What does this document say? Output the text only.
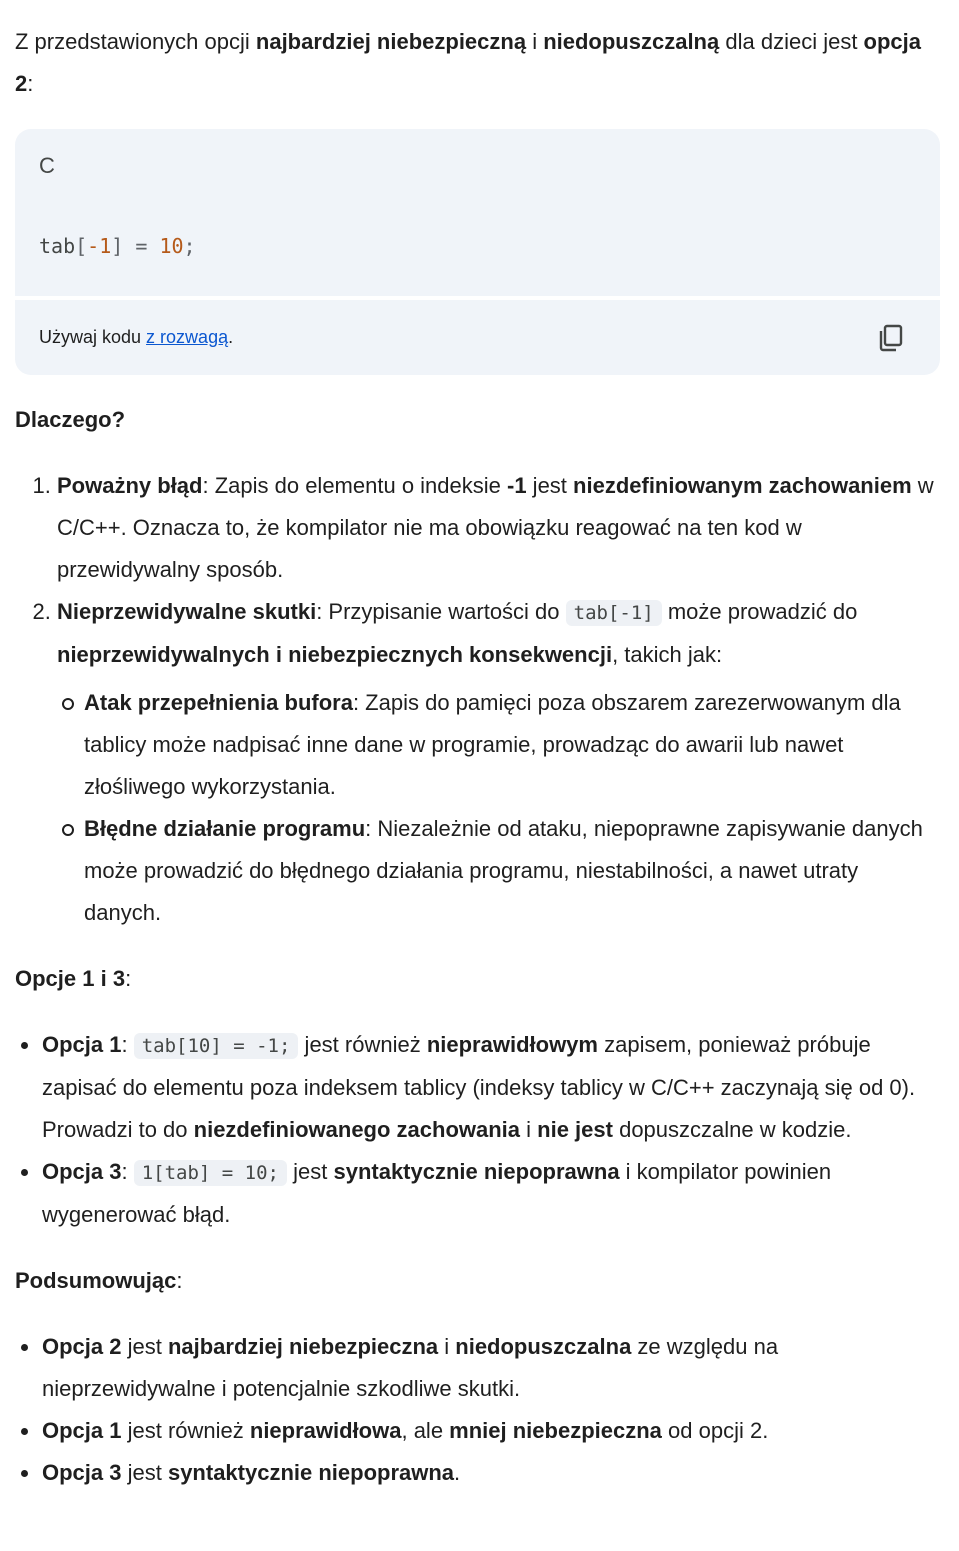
Z przedstawionych opcji najbardziej niebezpieczną i niedopuszczalną dla dzieci jest opcja 2:

C
tab[-1] = 10;
Używaj kodu z rozwagą.
Dlaczego?
1. Poważny błąd: Zapis do elementu o indeksie -1 jest niezdefiniowanym zachowaniem w C/C++. Oznacza to, że kompilator nie ma obowiązku reagować na ten kod w przewidywalny sposób.
2. Nieprzewidywalne skutki: Przypisanie wartości do tab[-1] może prowadzić do nieprzewidywalnych i niebezpiecznych konsekwencji, takich jak:
Atak przepełnienia bufora: Zapis do pamięci poza obszarem zarezerwowanym dla tablicy może nadpisać inne dane w programie, prowadząc do awarii lub nawet złośliwego wykorzystania.
Błędne działanie programu: Niezależnie od ataku, niepoprawne zapisywanie danych może prowadzić do błędnego działania programu, niestabilności, a nawet utraty danych.
Opcje 1 i 3:
Opcja 1: tab[10] = -1; jest również nieprawidłowym zapisem, ponieważ próbuje zapisać do elementu poza indeksem tablicy (indeksy tablicy w C/C++ zaczynają się od 0). Prowadzi to do niezdefiniowanego zachowania i nie jest dopuszczalne w kodzie.
Opcja 3: 1[tab] = 10; jest syntaktycznie niepoprawna i kompilator powinien wygenerować błąd.
Podsumowując:
Opcja 2 jest najbardziej niebezpieczna i niedopuszczalna ze względu na nieprzewidywalne i potencjalnie szkodliwe skutki.
Opcja 1 jest również nieprawidłowa, ale mniej niebezpieczna od opcji 2.
Opcja 3 jest syntaktycznie niepoprawna.
